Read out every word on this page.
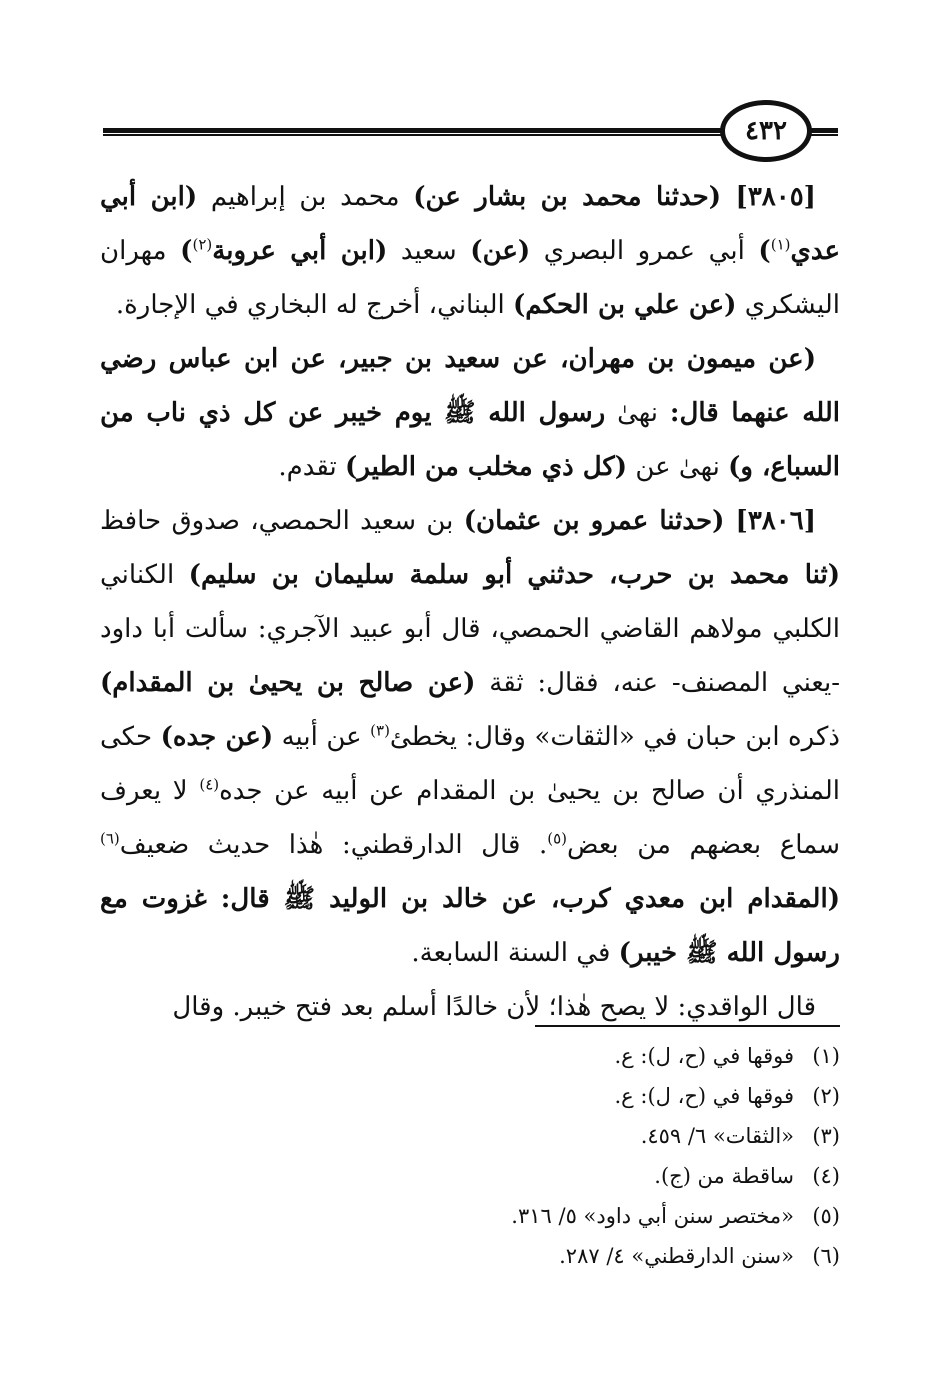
٤٣٢

[٣٨٠٥] (حدثنا محمد بن بشار عن) محمد بن إبراهيم (ابن أبي عدي$^{(١)}$) أبي عمرو البصري (عن) سعيد (ابن أبي عروبة$^{(٢)}$) مهران اليشكري (عن علي بن الحكم) البناني، أخرج له البخاري في الإجارة.

(عن ميمون بن مهران، عن سعيد بن جبير، عن ابن عباس رضي الله عنهما قال: نهىٰ رسول الله ﷺ يوم خيبر عن كل ذي ناب من السباع، و) نهىٰ عن (كل ذي مخلب من الطير) تقدم.

[٣٨٠٦] (حدثنا عمرو بن عثمان) بن سعيد الحمصي، صدوق حافظ (ثنا محمد بن حرب، حدثني أبو سلمة سليمان بن سليم) الكناني الكلبي مولاهم القاضي الحمصي، قال أبو عبيد الآجري: سألت أبا داود -يعني المصنف- عنه، فقال: ثقة (عن صالح بن يحيىٰ بن المقدام) ذكره ابن حبان في «الثقات» وقال: يخطئ$^{(٣)}$ عن أبيه (عن جده) حكى المنذري أن صالح بن يحيىٰ بن المقدام عن أبيه عن جده$^{(٤)}$ لا يعرف سماع بعضهم من بعض$^{(٥)}$. قال الدارقطني: هٰذا حديث ضعيف$^{(٦)}$ (المقدام ابن معدي كرب، عن خالد بن الوليد ﷺ قال: غزوت مع رسول الله ﷺ خيبر) في السنة السابعة.

قال الواقدي: لا يصح هٰذا؛ لأن خالدًا أسلم بعد فتح خيبر. وقال

(١)فوقها في (ح، ل): ع.
(٢)فوقها في (ح، ل): ع.
(٣)«الثقات» ٦/ ٤٥٩.
(٤)ساقطة من (ج).
(٥)«مختصر سنن أبي داود» ٥/ ٣١٦.
(٦)«سنن الدارقطني» ٤/ ٢٨٧.
